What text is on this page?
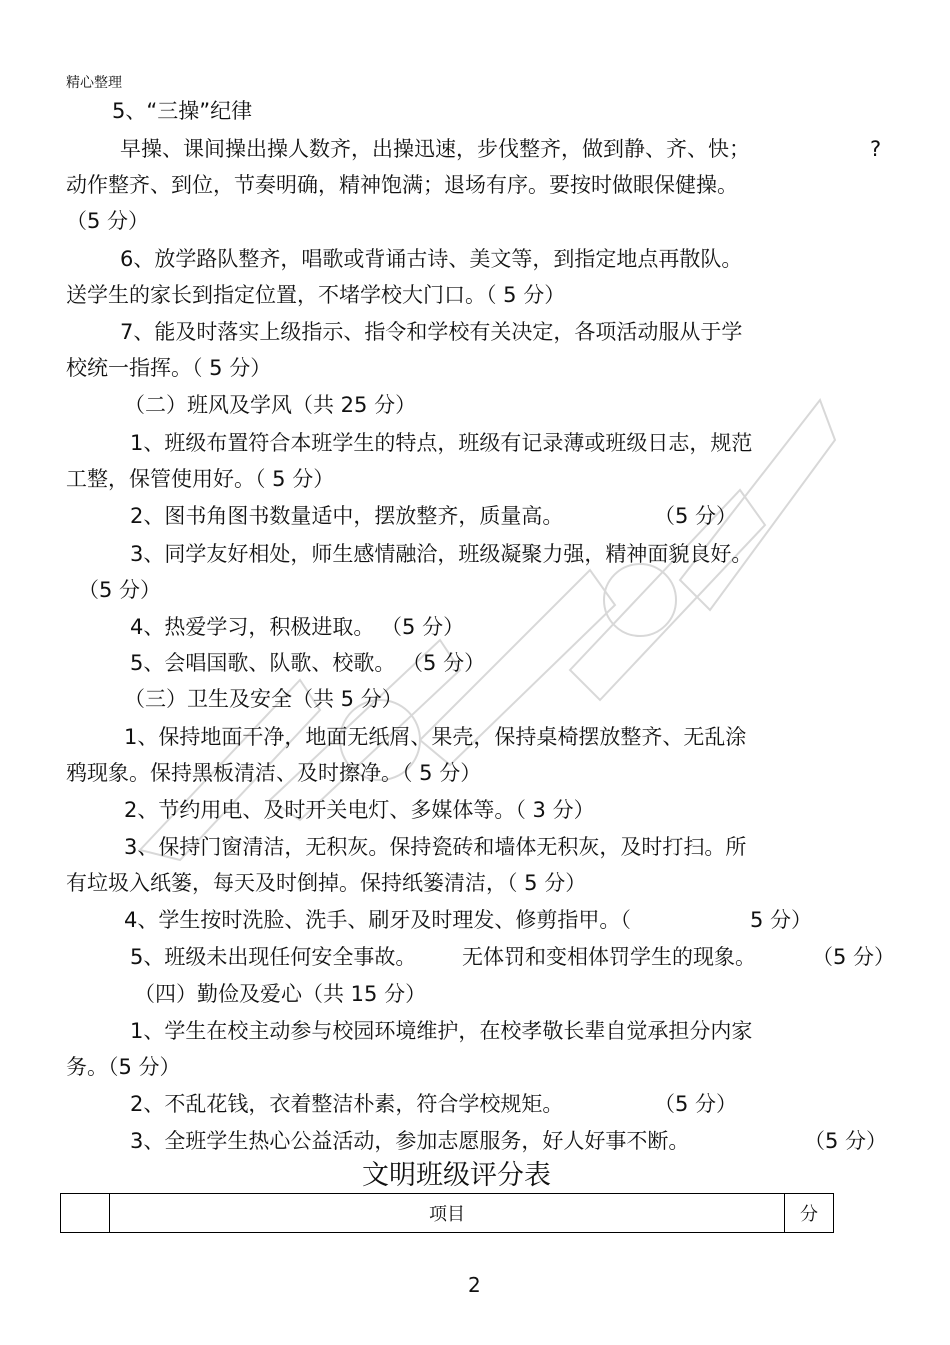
精心整理
5、“三操”纪律
早操、课间操出操人数齐，出操迅速，步伐整齐，做到静、齐、快；	?
动作整齐、到位，节奏明确，精神饱满；退场有序。要按时做眼保健操。
（5 分）
6、放学路队整齐，唱歌或背诵古诗、美文等，到指定地点再散队。
送学生的家长到指定位置，不堵学校大门口。（ 5 分）
7、能及时落实上级指示、指令和学校有关决定，各项活动服从于学
校统一指挥。（ 5 分）
（二）班风及学风（共 25 分）
1、班级布置符合本班学生的特点，班级有记录薄或班级日志，规范
工整，保管使用好。（ 5 分）
2、图书角图书数量适中，摆放整齐，质量高。	（5 分）
3、同学友好相处，师生感情融洽，班级凝聚力强，精神面貌良好。
（5 分）
4、热爱学习，积极进取。 （5 分）
5、会唱国歌、队歌、校歌。 （5 分）
（三）卫生及安全（共 5 分）
1、保持地面干净，地面无纸屑、果壳，保持桌椅摆放整齐、无乱涂
鸦现象。保持黑板清洁、及时擦净。（ 5 分）
2、节约用电、及时开关电灯、多媒体等。（ 3 分）
3、保持门窗清洁，无积灰。保持瓷砖和墙体无积灰，及时打扫。所
有垃圾入纸篓，每天及时倒掉。保持纸篓清洁，（ 5 分）
4、学生按时洗脸、洗手、刷牙及时理发、修剪指甲。（	5 分）
5、班级未出现任何安全事故。 无体罚和变相体罚学生的现象。	（5 分）
（四）勤俭及爱心（共 15 分）
1、学生在校主动参与校园环境维护，在校孝敬长辈自觉承担分内家
务。（5 分）
2、不乱花钱，衣着整洁朴素，符合学校规矩。	（5 分）
3、全班学生热心公益活动，参加志愿服务，好人好事不断。	（5 分）
文明班级评分表
	项目	分
2
